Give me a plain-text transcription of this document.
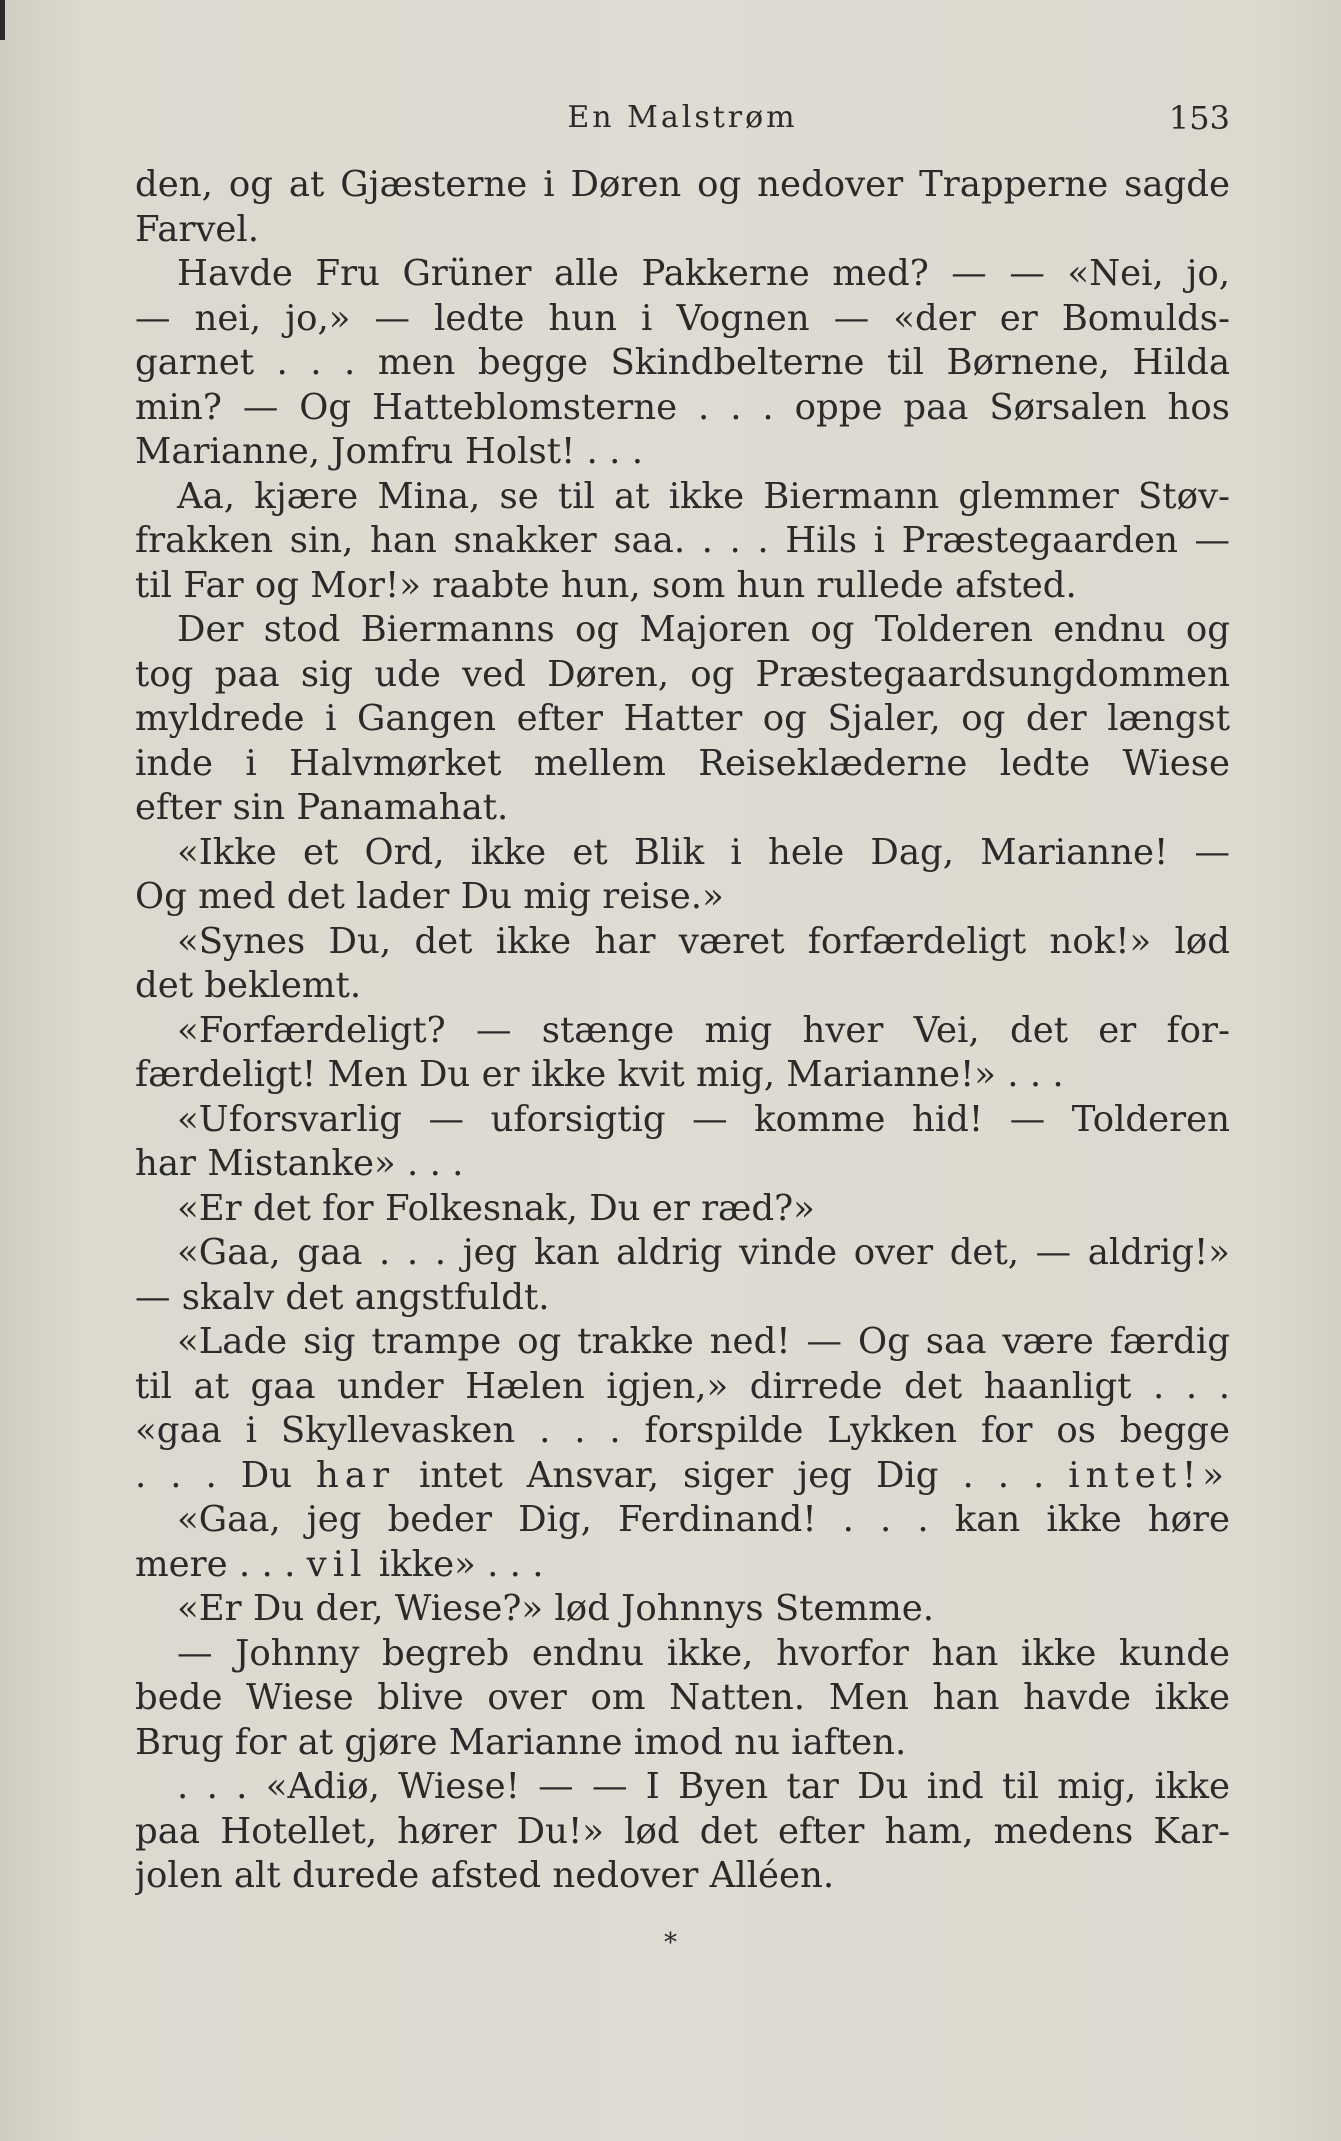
En Malstrøm	153
den, og at Gjæsterne i Døren og nedover Trapperne sagde
Farvel.
Havde Fru Grüner alle Pakkerne med? — — «Nei, jo,
— nei, jo,» — ledte hun i Vognen — «der er Bomulds-
garnet . . . men begge Skindbelterne til Børnene, Hilda
min? — Og Hatteblomsterne . . . oppe paa Sørsalen hos
Marianne, Jomfru Holst! . . .
Aa, kjære Mina, se til at ikke Biermann glemmer Støv-
frakken sin, han snakker saa. . . . Hils i Præstegaarden —
til Far og Mor!» raabte hun, som hun rullede afsted.
Der stod Biermanns og Majoren og Tolderen endnu og
tog paa sig ude ved Døren, og Præstegaardsungdommen
myldrede i Gangen efter Hatter og Sjaler, og der længst
inde i Halvmørket mellem Reiseklæderne ledte Wiese
efter sin Panamahat.
«Ikke et Ord, ikke et Blik i hele Dag, Marianne! —
Og med det lader Du mig reise.»
«Synes Du, det ikke har været forfærdeligt nok!» lød
det beklemt.
«Forfærdeligt? — stænge mig hver Vei, det er for-
færdeligt! Men Du er ikke kvit mig, Marianne!» . . .
«Uforsvarlig — uforsigtig — komme hid! — Tolderen
har Mistanke» . . .
«Er det for Folkesnak, Du er ræd?»
«Gaa, gaa . . . jeg kan aldrig vinde over det, — aldrig!»
— skalv det angstfuldt.
«Lade sig trampe og trakke ned! — Og saa være færdig
til at gaa under Hælen igjen,» dirrede det haanligt . . .
«gaa i Skyllevasken . . . forspilde Lykken for os begge
. . . Du har intet Ansvar, siger jeg Dig . . . intet!»
«Gaa, jeg beder Dig, Ferdinand! . . . kan ikke høre
mere . . . vil ikke» . . .
«Er Du der, Wiese?» lød Johnnys Stemme.
— Johnny begreb endnu ikke, hvorfor han ikke kunde
bede Wiese blive over om Natten. Men han havde ikke
Brug for at gjøre Marianne imod nu iaften.
. . . «Adiø, Wiese! — — I Byen tar Du ind til mig, ikke
paa Hotellet, hører Du!» lød det efter ham, medens Kar-
jolen alt durede afsted nedover Alléen.
*
